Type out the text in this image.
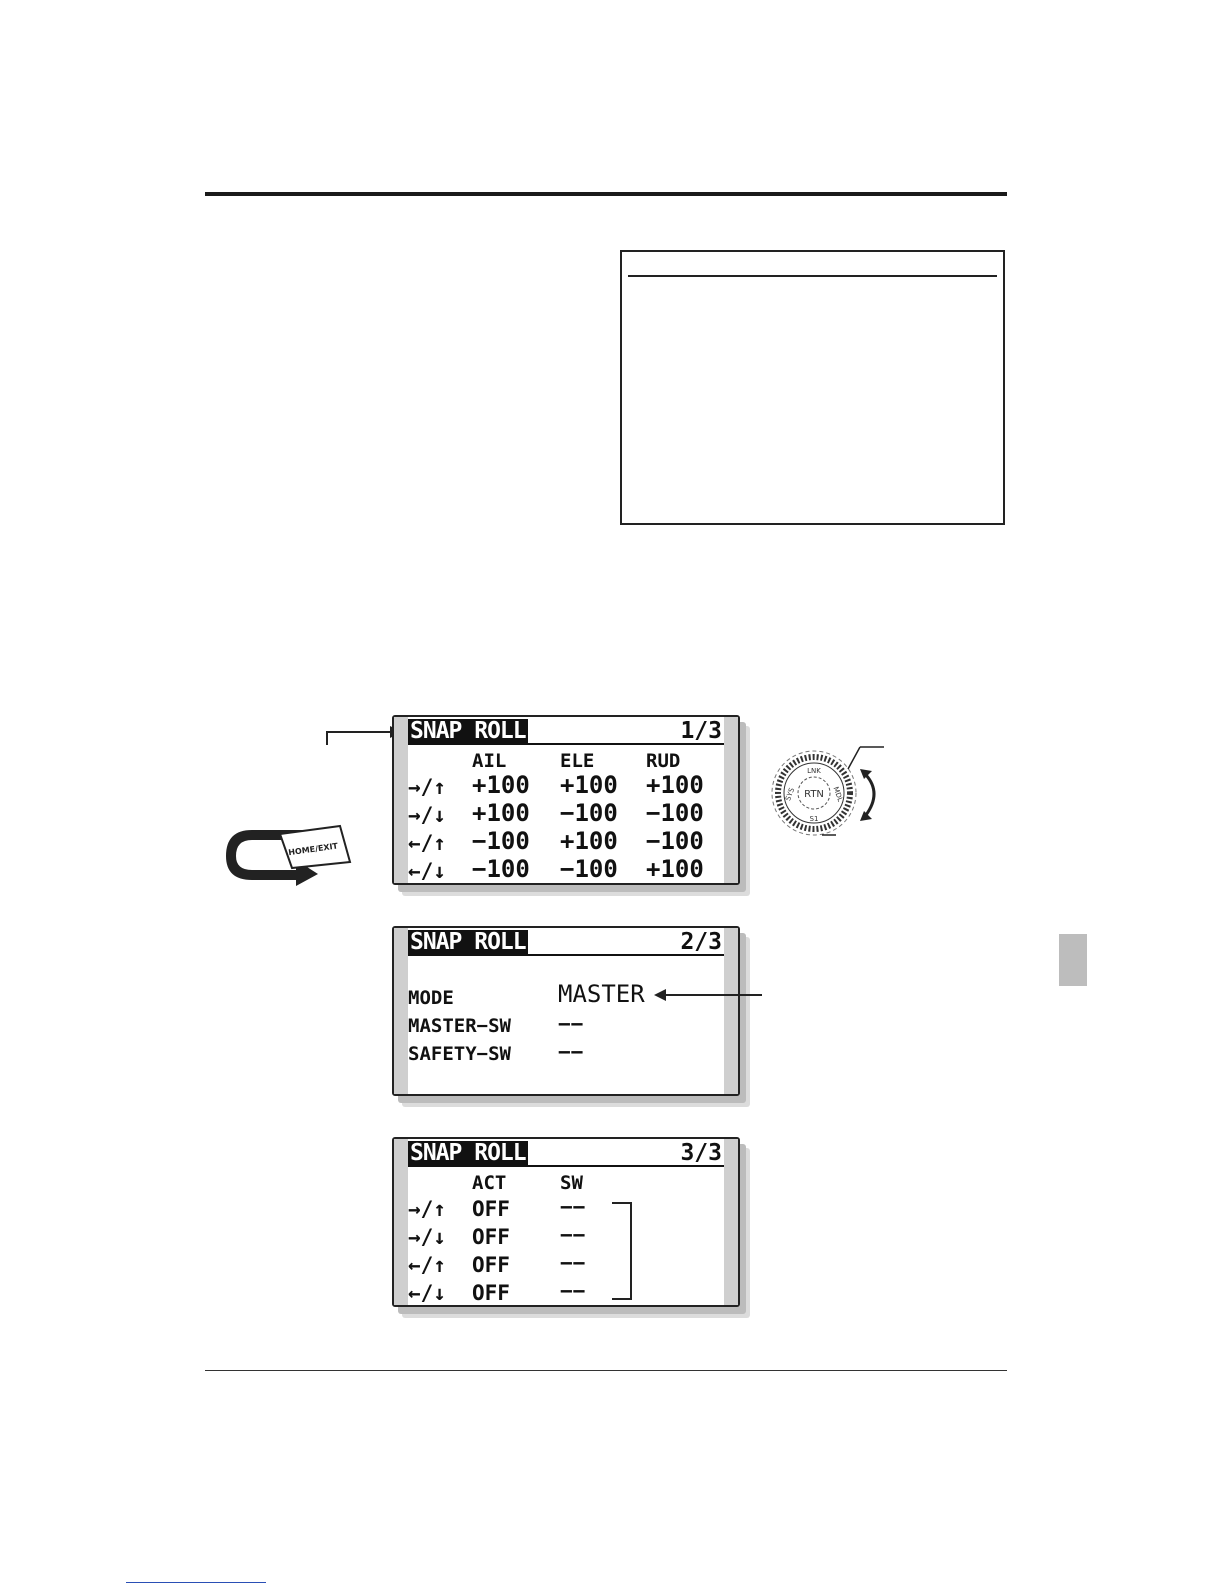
HOME/EXIT
SNAP ROLL	1/3
AIL	ELE	RUD
→/↑ +100 +100 +100
→/↓ +100 −100 −100
←/↑ −100 +100 −100
←/↓ −100 −100 +100
RTN
LNK
SYS	MDL
S1
SNAP ROLL	2/3
MODE	MASTER
MASTER−SW −−
SAFETY−SW −−
SNAP ROLL	3/3
ACT	SW
→/↑ OFF −−
→/↓ OFF −−
←/↑ OFF −−
←/↓ OFF −−
